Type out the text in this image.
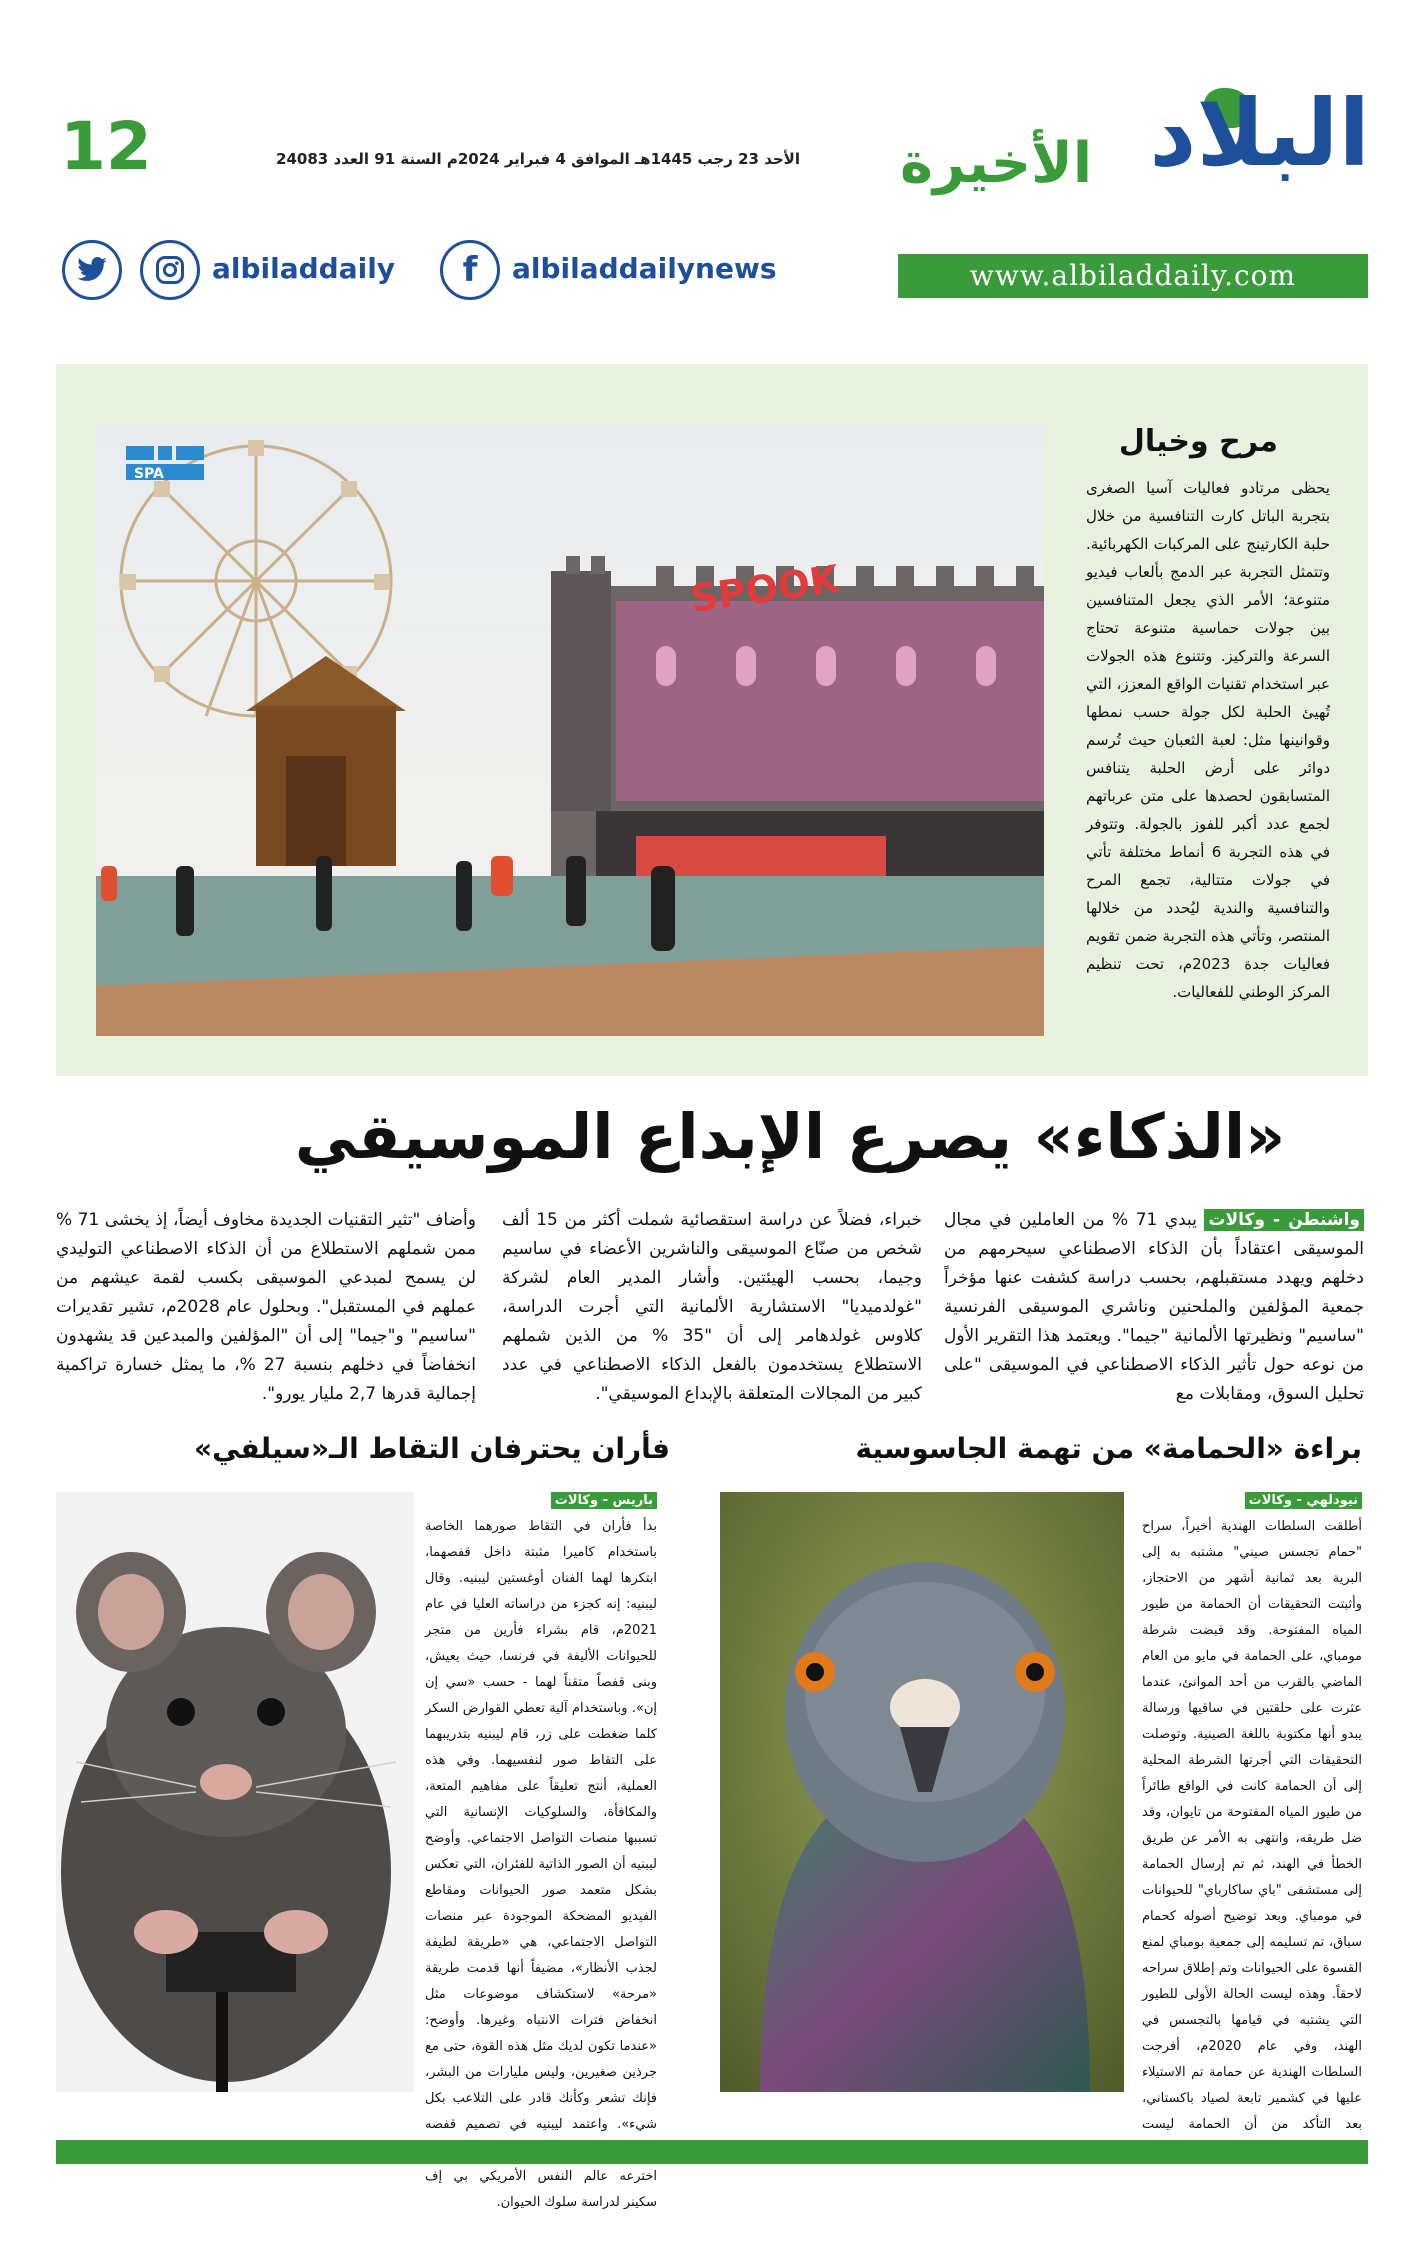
12	الأحد 23 رجب 1445هـ الموافق 4 فبراير 2024م السنة 91 العدد 24083	البلاد
الأخيرة
www.albiladdaily.com
albiladdaily	f	albiladdailynews
SPOOK
SPA
مرح وخيال
يحظى مرتادو فعاليات آسيا الصغرى بتجربة الباتل كارت التنافسية من خلال حلبة الكارتينج على المركبات الكهربائية. وتتمثل التجربة عبر الدمج بألعاب فيديو متنوعة؛ الأمر الذي يجعل المتنافسين بين جولات حماسية متنوعة تحتاج السرعة والتركيز. وتتنوع هذه الجولات عبر استخدام تقنيات الواقع المعزز، التي تُهيئ الحلبة لكل جولة حسب نمطها وقوانينها مثل: لعبة الثعبان حيث تُرسم دوائر على أرض الحلبة يتنافس المتسابقون لحصدها على متن عرباتهم لجمع عدد أكبر للفوز بالجولة. وتتوفر في هذه التجربة 6 أنماط مختلفة تأتي في جولات متتالية، تجمع المرح والتنافسية والندية ليُحدد من خلالها المنتصر، وتأتي هذه التجربة ضمن تقويم فعاليات جدة 2023م، تحت تنظيم المركز الوطني للفعاليات.
«الذكاء» يصرع الإبداع الموسيقي
واشنطن - وكالات يبدي 71 % من العاملين في مجال الموسيقى اعتقاداً بأن الذكاء الاصطناعي سيحرمهم من دخلهم ويهدد مستقبلهم، بحسب دراسة كشفت عنها مؤخراً جمعية المؤلفين والملحنين وناشري الموسيقى الفرنسية "ساسيم" ونظيرتها الألمانية "جيما". ويعتمد هذا التقرير الأول من نوعه حول تأثير الذكاء الاصطناعي في الموسيقى "على تحليل السوق، ومقابلات مع
خبراء، فضلاً عن دراسة استقصائية شملت أكثر من 15 ألف شخص من صنّاع الموسيقى والناشرين الأعضاء في ساسيم وجيما، بحسب الهيئتين. وأشار المدير العام لشركة "غولدميديا" الاستشارية الألمانية التي أجرت الدراسة، كلاوس غولدهامر إلى أن "35 % من الذين شملهم الاستطلاع يستخدمون بالفعل الذكاء الاصطناعي في عدد كبير من المجالات المتعلقة بالإبداع الموسيقي".
وأضاف "تثير التقنيات الجديدة مخاوف أيضاً، إذ يخشى 71 % ممن شملهم الاستطلاع من أن الذكاء الاصطناعي التوليدي لن يسمح لمبدعي الموسيقى بكسب لقمة عيشهم من عملهم في المستقبل". وبحلول عام 2028م، تشير تقديرات "ساسيم" و"جيما" إلى أن "المؤلفين والمبدعين قد يشهدون انخفاضاً في دخلهم بنسبة 27 %، ما يمثل خسارة تراكمية إجمالية قدرها 2,7 مليار يورو".
براءة «الحمامة» من تهمة الجاسوسية
نيودلهي - وكالات
أطلقت السلطات الهندية أخيراً، سراح "حمام تجسس صيني" مشتبه به إلى البرية بعد ثمانية أشهر من الاحتجاز، وأثبتت التحقيقات أن الحمامة من طيور المياه المفتوحة. وقد قبضت شرطة مومباي، على الحمامة في مايو من العام الماضي بالقرب من أحد الموانئ، عندما عثرت على حلقتين في ساقيها ورسالة يبدو أنها مكتوبة باللغة الصينية. وتوصلت التحقيقات التي أجرتها الشرطة المحلية إلى أن الحمامة كانت في الواقع طائراً من طيور المياه المفتوحة من تايوان، وقد ضل طريقه، وانتهى به الأمر عن طريق الخطأ في الهند، ثم تم إرسال الحمامة إلى مستشفى "باي ساكارباي" للحيوانات في مومباي. وبعد توضيح أصوله كحمام سباق، تم تسليمه إلى جمعية بومباي لمنع القسوة على الحيوانات وتم إطلاق سراحه لاحقاً. وهذه ليست الحالة الأولى للطيور التي يشتبه في قيامها بالتجسس في الهند، وفي عام 2020م، أفرجت السلطات الهندية عن حمامة تم الاستيلاء عليها في كشمير تابعة لصياد باكستاني، بعد التأكد من أن الحمامة ليست
فأران يحترفان التقاط الـ«سيلفي»
باريس - وكالات
بدأ فأران في التقاط صورهما الخاصة باستخدام كاميرا مثبتة داخل قفصهما، ابتكرها لهما الفنان أوغستين ليبنيه. وقال ليبنيه: إنه كجزء من دراساته العليا في عام 2021م، قام بشراء فأرين من متجر للحيوانات الأليفة في فرنسا، حيث يعيش، وبنى قفصاً متقناً لهما - حسب «سي إن إن». وباستخدام آلية تعطي القوارض السكر كلما ضغطت على زر، قام ليبنيه بتدريبهما على التقاط صور لنفسيهما. وفي هذه العملية، أنتج تعليقاً على مفاهيم المتعة، والمكافأة، والسلوكيات الإنسانية التي تسببها منصات التواصل الاجتماعي. وأوضح ليبنيه أن الصور الذاتية للفئران، التي تعكس بشكل متعمد صور الحيوانات ومقاطع الفيديو المضحكة الموجودة عبر منصات التواصل الاجتماعي، هي «طريقة لطيفة لجذب الأنظار»، مضيفاً أنها قدمت طريقة «مرحة» لاستكشاف موضوعات مثل انخفاض فترات الانتباه وغيرها. وأوضح: «عندما تكون لديك مثل هذه القوة، حتى مع جرذين صغيرين، وليس مليارات من البشر، فإنك تشعر وكأنك قادر على التلاعب بكل شيء». واعتمد ليبنيه في تصميم قفصه اخترعه عالم النفس الأمريكي بي إف سكينر لدراسة سلوك الحيوان.
